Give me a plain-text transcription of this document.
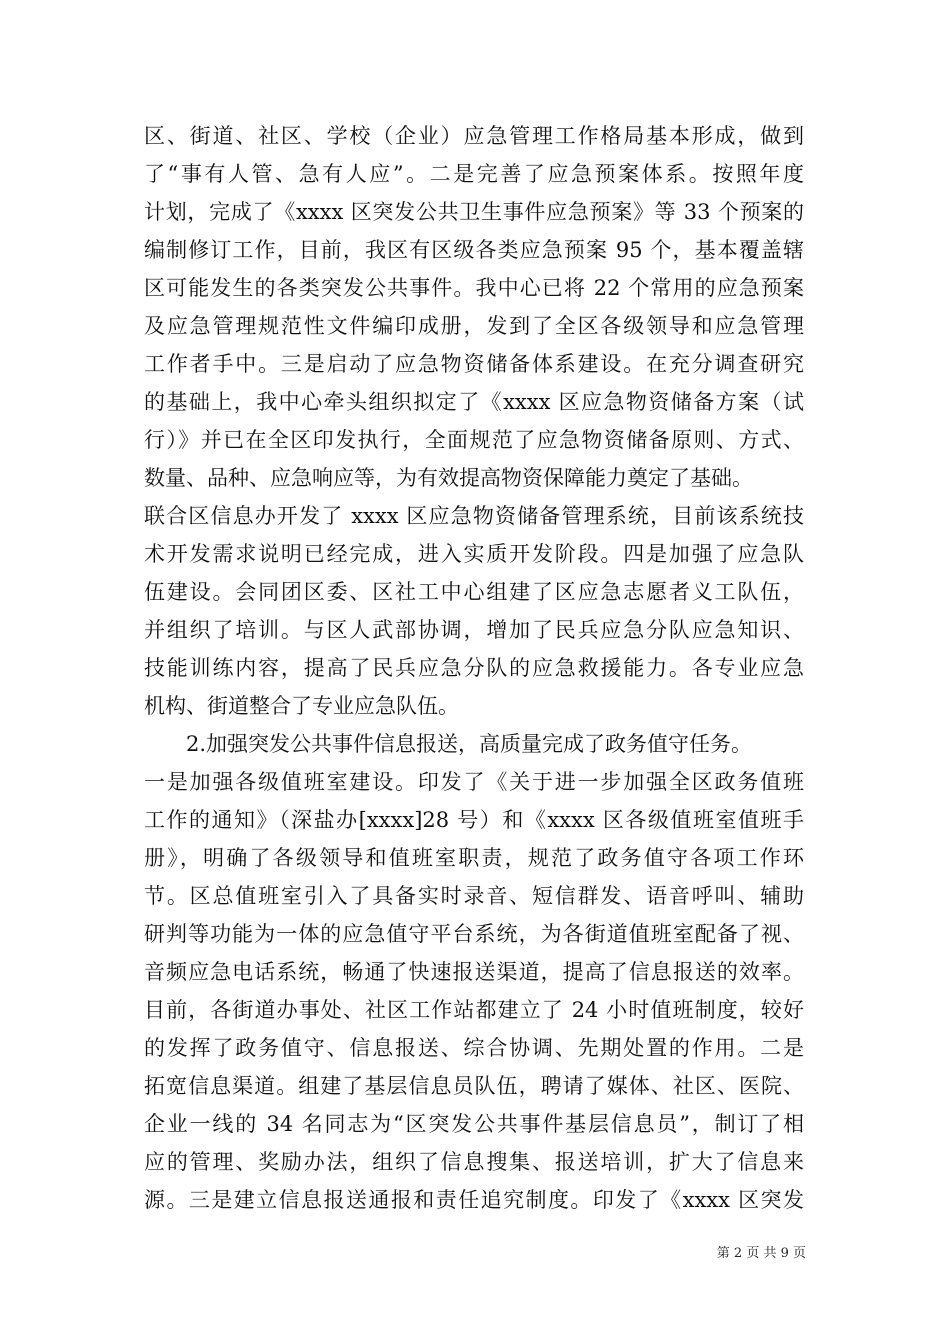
区、街道、社区、学校（企业）应急管理工作格局基本形成，做到
了“事有人管、急有人应”。二是完善了应急预案体系。按照年度
计划，完成了《xxxx 区突发公共卫生事件应急预案》等 33 个预案的
编制修订工作，目前，我区有区级各类应急预案 95 个，基本覆盖辖
区可能发生的各类突发公共事件。我中心已将 22 个常用的应急预案
及应急管理规范性文件编印成册，发到了全区各级领导和应急管理
工作者手中。三是启动了应急物资储备体系建设。在充分调查研究
的基础上，我中心牵头组织拟定了《xxxx 区应急物资储备方案（试
行）》并已在全区印发执行，全面规范了应急物资储备原则、方式、
数量、品种、应急响应等，为有效提高物资保障能力奠定了基础。
联合区信息办开发了 xxxx 区应急物资储备管理系统，目前该系统技
术开发需求说明已经完成，进入实质开发阶段。四是加强了应急队
伍建设。会同团区委、区社工中心组建了区应急志愿者义工队伍，
并组织了培训。与区人武部协调，增加了民兵应急分队应急知识、
技能训练内容，提高了民兵应急分队的应急救援能力。各专业应急
机构、街道整合了专业应急队伍。
2.加强突发公共事件信息报送，高质量完成了政务值守任务。
一是加强各级值班室建设。印发了《关于进一步加强全区政务值班
工作的通知》（深盐办[xxxx]28 号）和《xxxx 区各级值班室值班手
册》，明确了各级领导和值班室职责，规范了政务值守各项工作环
节。区总值班室引入了具备实时录音、短信群发、语音呼叫、辅助
研判等功能为一体的应急值守平台系统，为各街道值班室配备了视、
音频应急电话系统，畅通了快速报送渠道，提高了信息报送的效率。
目前，各街道办事处、社区工作站都建立了 24 小时值班制度，较好
的发挥了政务值守、信息报送、综合协调、先期处置的作用。二是
拓宽信息渠道。组建了基层信息员队伍，聘请了媒体、社区、医院、
企业一线的 34 名同志为“区突发公共事件基层信息员”，制订了相
应的管理、奖励办法，组织了信息搜集、报送培训，扩大了信息来
源。三是建立信息报送通报和责任追究制度。印发了《xxxx 区突发
第 2 页 共 9 页
